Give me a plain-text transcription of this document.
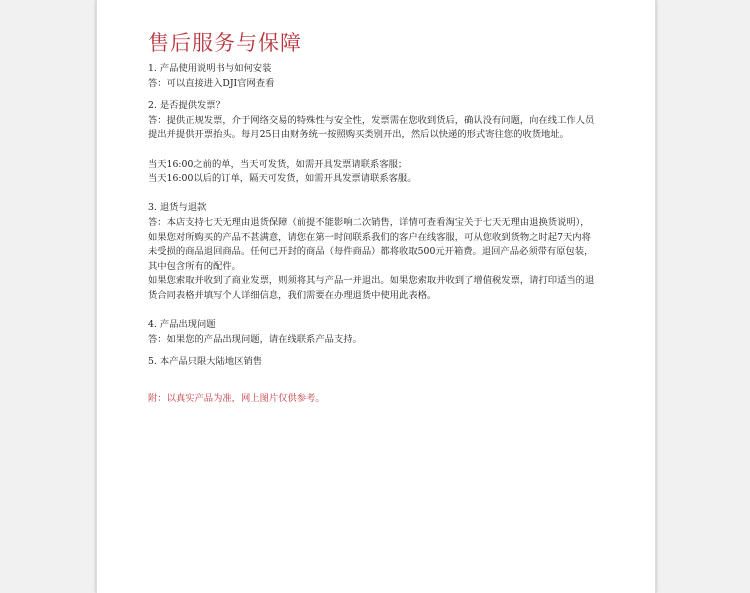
售后服务与保障
1. 产品使用说明书与如何安装
答：可以直接进入DJI官网查看
2. 是否提供发票？
答：提供正规发票，介于网络交易的特殊性与安全性，发票需在您收到货后，确认没有问题，向在线工作人员
提出并提供开票抬头。每月25日由财务统一按照购买类别开出，然后以快递的形式寄往您的收货地址。
当天16:00之前的单，当天可发货，如需开具发票请联系客服；
当天16:00以后的订单，隔天可发货，如需开具发票请联系客服。
3. 退货与退款
答：本店支持七天无理由退货保障（前提不能影响二次销售，详情可查看淘宝关于七天无理由退换货说明），
如果您对所购买的产品不甚满意，请您在第一时间联系我们的客户在线客服，可从您收到货物之时起7天内将
未受损的商品退回商品。任何已开封的商品（每件商品）都将收取500元开箱费。退回产品必须带有原包装，
其中包含所有的配件。
如果您索取并收到了商业发票，则须将其与产品一并退出。如果您索取并收到了增值税发票，请打印适当的退
货合同表格并填写个人详细信息，我们需要在办理退货中使用此表格。
4. 产品出现问题
答：如果您的产品出现问题，请在线联系产品支持。
5. 本产品只限大陆地区销售
附：以真实产品为准，网上图片仅供参考。
